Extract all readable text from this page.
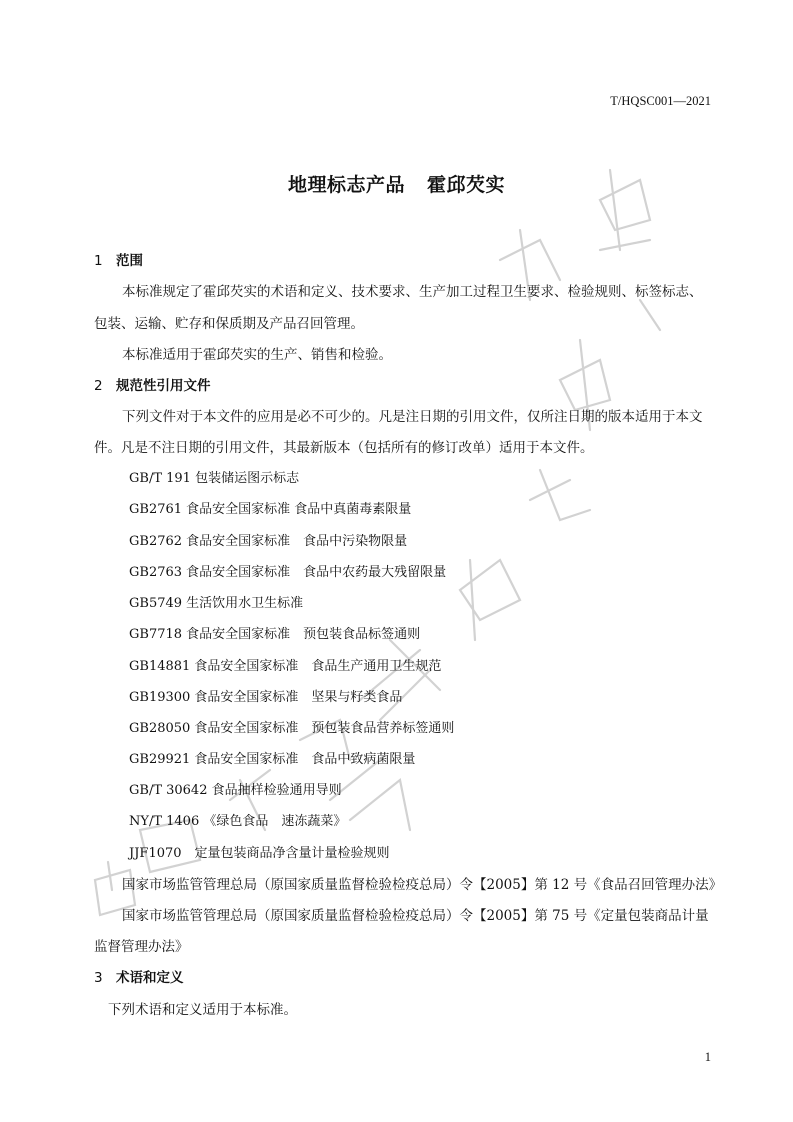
T/HQSC001—2021
地理标志产品 霍邱芡实
1 范围
本标准规定了霍邱芡实的术语和定义、技术要求、生产加工过程卫生要求、检验规则、标签标志、
包装、运输、贮存和保质期及产品召回管理。
本标准适用于霍邱芡实的生产、销售和检验。
2 规范性引用文件
下列文件对于本文件的应用是必不可少的。凡是注日期的引用文件，仅所注日期的版本适用于本文
件。凡是不注日期的引用文件，其最新版本（包括所有的修订改单）适用于本文件。
GB/T 191 包装储运图示标志
GB2761 食品安全国家标准 食品中真菌毒素限量
GB2762 食品安全国家标准　食品中污染物限量
GB2763 食品安全国家标准　食品中农药最大残留限量
GB5749 生活饮用水卫生标准
GB7718 食品安全国家标准　预包装食品标签通则
GB14881 食品安全国家标准　食品生产通用卫生规范
GB19300 食品安全国家标准　坚果与籽类食品
GB28050 食品安全国家标准　预包装食品营养标签通则
GB29921 食品安全国家标准　食品中致病菌限量
GB/T 30642 食品抽样检验通用导则
NY/T 1406 《绿色食品　速冻蔬菜》
JJF1070　定量包装商品净含量计量检验规则
国家市场监管管理总局（原国家质量监督检验检疫总局）令【2005】第 12 号《食品召回管理办法》
国家市场监管管理总局（原国家质量监督检验检疫总局）令【2005】第 75 号《定量包装商品计量
监督管理办法》
3 术语和定义
下列术语和定义适用于本标准。
1
